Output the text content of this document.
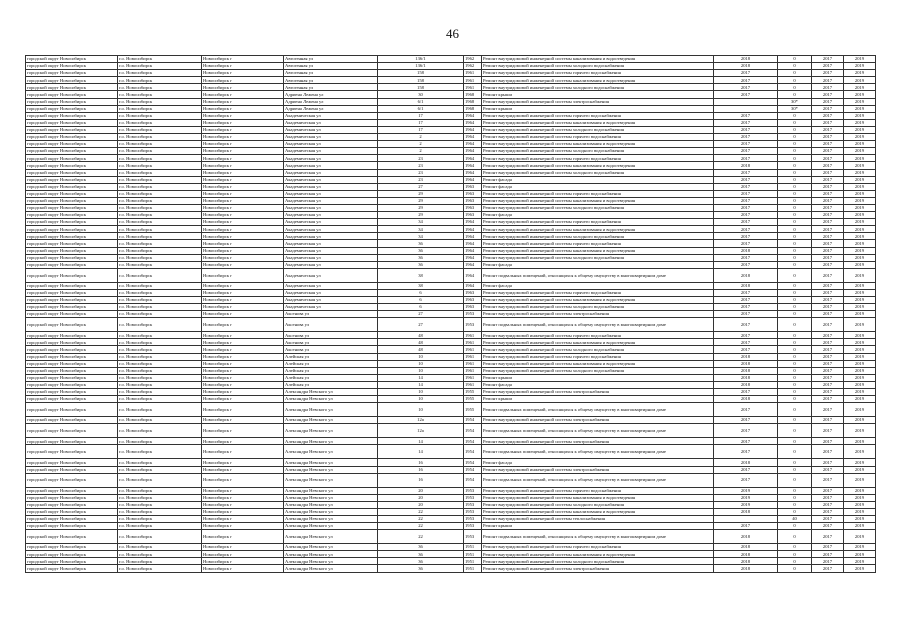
46
городской округ Новосибирск	г.о. Новосибирск	Новосибирск г	Автогенная ул	136/1	1962	Ремонт внутридомовой инженерной системы канализования и водоотведения	2018	0	2017	2019
городской округ Новосибирск	г.о. Новосибирск	Новосибирск г	Автогенная ул	136/1	1962	Ремонт внутридомовой инженерной системы холодного водоснабжения	2018	0	2017	2019
городской округ Новосибирск	г.о. Новосибирск	Новосибирск г	Автогенная ул	158	1961	Ремонт внутридомовой инженерной системы горячего водоснабжения	2017	0	2017	2019
городской округ Новосибирск	г.о. Новосибирск	Новосибирск г	Автогенная ул	158	1961	Ремонт внутридомовой инженерной системы канализования и водоотведения	2017	0	2017	2019
городской округ Новосибирск	г.о. Новосибирск	Новосибирск г	Автогенная ул	158	1961	Ремонт внутридомовой инженерной системы холодного водоснабжения	2017	0	2017	2019
городской округ Новосибирск	г.о. Новосибирск	Новосибирск г	Адриена Лежена ул	30	1968	Ремонт крыши	2017	0	2017	2019
городской округ Новосибирск	г.о. Новосибирск	Новосибирск г	Адриена Лежена ул	6/1	1968	Ремонт внутридомовой инженерной системы электроснабжения		30*	2017	2019
городской округ Новосибирск	г.о. Новосибирск	Новосибирск г	Адриена Лежена ул	6/1	1968	Ремонт крыши		30*	2017	2019
городской округ Новосибирск	г.о. Новосибирск	Новосибирск г	Академическая ул	17	1964	Ремонт внутридомовой инженерной системы горячего водоснабжения	2017	0	2017	2019
городской округ Новосибирск	г.о. Новосибирск	Новосибирск г	Академическая ул	17	1964	Ремонт внутридомовой инженерной системы канализования и водоотведения	2017	0	2017	2019
городской округ Новосибирск	г.о. Новосибирск	Новосибирск г	Академическая ул	17	1964	Ремонт внутридомовой инженерной системы холодного водоснабжения	2017	0	2017	2019
городской округ Новосибирск	г.о. Новосибирск	Новосибирск г	Академическая ул	2	1964	Ремонт внутридомовой инженерной системы горячего водоснабжения	2017	0	2017	2019
городской округ Новосибирск	г.о. Новосибирск	Новосибирск г	Академическая ул	2	1964	Ремонт внутридомовой инженерной системы канализования и водоотведения	2017	0	2017	2019
городской округ Новосибирск	г.о. Новосибирск	Новосибирск г	Академическая ул	2	1964	Ремонт внутридомовой инженерной системы холодного водоснабжения	2017	0	2017	2019
городской округ Новосибирск	г.о. Новосибирск	Новосибирск г	Академическая ул	23	1964	Ремонт внутридомовой инженерной системы горячего водоснабжения	2017	0	2017	2019
городской округ Новосибирск	г.о. Новосибирск	Новосибирск г	Академическая ул	23	1964	Ремонт внутридомовой инженерной системы канализования и водоотведения	2018	0	2017	2019
городской округ Новосибирск	г.о. Новосибирск	Новосибирск г	Академическая ул	23	1964	Ремонт внутридомовой инженерной системы холодного водоснабжения	2017	0	2017	2019
городской округ Новосибирск	г.о. Новосибирск	Новосибирск г	Академическая ул	23	1964	Ремонт фасада	2017	0	2017	2019
городской округ Новосибирск	г.о. Новосибирск	Новосибирск г	Академическая ул	27	1963	Ремонт фасада	2017	0	2017	2019
городской округ Новосибирск	г.о. Новосибирск	Новосибирск г	Академическая ул	29	1963	Ремонт внутридомовой инженерной системы горячего водоснабжения	2017	0	2017	2019
городской округ Новосибирск	г.о. Новосибирск	Новосибирск г	Академическая ул	29	1963	Ремонт внутридомовой инженерной системы канализования и водоотведения	2017	0	2017	2019
городской округ Новосибирск	г.о. Новосибирск	Новосибирск г	Академическая ул	29	1963	Ремонт внутридомовой инженерной системы холодного водоснабжения	2017	0	2017	2019
городской округ Новосибирск	г.о. Новосибирск	Новосибирск г	Академическая ул	29	1963	Ремонт фасада	2017	0	2017	2019
городской округ Новосибирск	г.о. Новосибирск	Новосибирск г	Академическая ул	34	1964	Ремонт внутридомовой инженерной системы горячего водоснабжения	2017	0	2017	2019
городской округ Новосибирск	г.о. Новосибирск	Новосибирск г	Академическая ул	34	1964	Ремонт внутридомовой инженерной системы канализования и водоотведения	2017	0	2017	2019
городской округ Новосибирск	г.о. Новосибирск	Новосибирск г	Академическая ул	34	1964	Ремонт внутридомовой инженерной системы холодного водоснабжения	2017	0	2017	2019
городской округ Новосибирск	г.о. Новосибирск	Новосибирск г	Академическая ул	36	1964	Ремонт внутридомовой инженерной системы горячего водоснабжения	2017	0	2017	2019
городской округ Новосибирск	г.о. Новосибирск	Новосибирск г	Академическая ул	36	1964	Ремонт внутридомовой инженерной системы канализования и водоотведения	2018	0	2017	2019
городской округ Новосибирск	г.о. Новосибирск	Новосибирск г	Академическая ул	36	1964	Ремонт внутридомовой инженерной системы холодного водоснабжения	2017	0	2017	2019
городской округ Новосибирск	г.о. Новосибирск	Новосибирск г	Академическая ул	36	1964	Ремонт фасада	2017	0	2017	2019
городской округ Новосибирск	г.о. Новосибирск	Новосибирск г	Академическая ул	38	1964	Ремонт подвальных помещений, относящихся к общему имуществу в многоквартирном доме	2018	0	2017	2019
городской округ Новосибирск	г.о. Новосибирск	Новосибирск г	Академическая ул	38	1964	Ремонт фасада	2018	0	2017	2019
городской округ Новосибирск	г.о. Новосибирск	Новосибирск г	Академическая ул	6	1963	Ремонт внутридомовой инженерной системы горячего водоснабжения	2017	0	2017	2019
городской округ Новосибирск	г.о. Новосибирск	Новосибирск г	Академическая ул	6	1963	Ремонт внутридомовой инженерной системы канализования и водоотведения	2017	0	2017	2019
городской округ Новосибирск	г.о. Новосибирск	Новосибирск г	Академическая ул	6	1963	Ремонт внутридомовой инженерной системы холодного водоснабжения	2017	0	2017	2019
городской округ Новосибирск	г.о. Новосибирск	Новосибирск г	Аксенова ул	27	1953	Ремонт внутридомовой инженерной системы электроснабжения	2017	0	2017	2019
городской округ Новосибирск	г.о. Новосибирск	Новосибирск г	Аксенова ул	27	1953	Ремонт подвальных помещений, относящихся к общему имуществу в многоквартирном доме	2017	0	2017	2019
городской округ Новосибирск	г.о. Новосибирск	Новосибирск г	Аксенова ул	48	1961	Ремонт внутридомовой инженерной системы горячего водоснабжения	2017	0	2017	2019
городской округ Новосибирск	г.о. Новосибирск	Новосибирск г	Аксенова ул	48	1961	Ремонт внутридомовой инженерной системы канализования и водоотведения	2017	0	2017	2019
городской округ Новосибирск	г.о. Новосибирск	Новосибирск г	Аксенова ул	48	1961	Ремонт внутридомовой инженерной системы холодного водоснабжения	2017	0	2017	2019
городской округ Новосибирск	г.о. Новосибирск	Новосибирск г	Алейская ул	10	1961	Ремонт внутридомовой инженерной системы горячего водоснабжения	2018	0	2017	2019
городской округ Новосибирск	г.о. Новосибирск	Новосибирск г	Алейская ул	10	1961	Ремонт внутридомовой инженерной системы канализования и водоотведения	2018	0	2017	2019
городской округ Новосибирск	г.о. Новосибирск	Новосибирск г	Алейская ул	10	1961	Ремонт внутридомовой инженерной системы холодного водоснабжения	2018	0	2017	2019
городской округ Новосибирск	г.о. Новосибирск	Новосибирск г	Алейская ул	14	1961	Ремонт крыши	2018	0	2017	2019
городской округ Новосибирск	г.о. Новосибирск	Новосибирск г	Алейская ул	14	1961	Ремонт фасада	2018	0	2017	2019
городской округ Новосибирск	г.о. Новосибирск	Новосибирск г	Александра Невского ул	10	1955	Ремонт внутридомовой инженерной системы электроснабжения	2017	0	2017	2019
городской округ Новосибирск	г.о. Новосибирск	Новосибирск г	Александра Невского ул	10	1955	Ремонт крыши	2018	0	2017	2019
городской округ Новосибирск	г.о. Новосибирск	Новосибирск г	Александра Невского ул	10	1955	Ремонт подвальных помещений, относящихся к общему имуществу в многоквартирном доме	2017	0	2017	2019
городской округ Новосибирск	г.о. Новосибирск	Новосибирск г	Александра Невского ул	12а	1954	Ремонт внутридомовой инженерной системы электроснабжения	2017	0	2017	2019
городской округ Новосибирск	г.о. Новосибирск	Новосибирск г	Александра Невского ул	12а	1954	Ремонт подвальных помещений, относящихся к общему имуществу в многоквартирном доме	2017	0	2017	2019
городской округ Новосибирск	г.о. Новосибирск	Новосибирск г	Александра Невского ул	14	1954	Ремонт внутридомовой инженерной системы электроснабжения	2017	0	2017	2019
городской округ Новосибирск	г.о. Новосибирск	Новосибирск г	Александра Невского ул	14	1954	Ремонт подвальных помещений, относящихся к общему имуществу в многоквартирном доме	2017	0	2017	2019
городской округ Новосибирск	г.о. Новосибирск	Новосибирск г	Александра Невского ул	16	1954	Ремонт фасада	2018	0	2017	2019
городской округ Новосибирск	г.о. Новосибирск	Новосибирск г	Александра Невского ул	16	1954	Ремонт внутридомовой инженерной системы электроснабжения	2017	0	2017	2019
городской округ Новосибирск	г.о. Новосибирск	Новосибирск г	Александра Невского ул	16	1954	Ремонт подвальных помещений, относящихся к общему имуществу в многоквартирном доме	2017	0	2017	2019
городской округ Новосибирск	г.о. Новосибирск	Новосибирск г	Александра Невского ул	20	1953	Ремонт внутридомовой инженерной системы горячего водоснабжения	2019	0	2017	2019
городской округ Новосибирск	г.о. Новосибирск	Новосибирск г	Александра Невского ул	20	1953	Ремонт внутридомовой инженерной системы канализования и водоотведения	2019	0	2017	2019
городской округ Новосибирск	г.о. Новосибирск	Новосибирск г	Александра Невского ул	20	1953	Ремонт внутридомовой инженерной системы холодного водоснабжения	2019	0	2017	2019
городской округ Новосибирск	г.о. Новосибирск	Новосибирск г	Александра Невского ул	22	1953	Ремонт внутридомовой инженерной системы канализования и водоотведения	2018	0	2017	2019
городской округ Новосибирск	г.о. Новосибирск	Новосибирск г	Александра Невского ул	22	1953	Ремонт внутридомовой инженерной системы теплоснабжения		40	2017	2019
городской округ Новосибирск	г.о. Новосибирск	Новосибирск г	Александра Невского ул	22	1953	Ремонт крыши	2017	0	2017	2019
городской округ Новосибирск	г.о. Новосибирск	Новосибирск г	Александра Невского ул	22	1953	Ремонт подвальных помещений, относящихся к общему имуществу в многоквартирном доме	2018	0	2017	2019
городской округ Новосибирск	г.о. Новосибирск	Новосибирск г	Александра Невского ул	36	1951	Ремонт внутридомовой инженерной системы горячего водоснабжения	2018	0	2017	2019
городской округ Новосибирск	г.о. Новосибирск	Новосибирск г	Александра Невского ул	36	1951	Ремонт внутридомовой инженерной системы канализования и водоотведения	2018	0	2017	2019
городской округ Новосибирск	г.о. Новосибирск	Новосибирск г	Александра Невского ул	36	1951	Ремонт внутридомовой инженерной системы холодного водоснабжения	2018	0	2017	2019
городской округ Новосибирск	г.о. Новосибирск	Новосибирск г	Александра Невского ул	36	1951	Ремонт внутридомовой инженерной системы электроснабжения	2018	0	2017	2019
